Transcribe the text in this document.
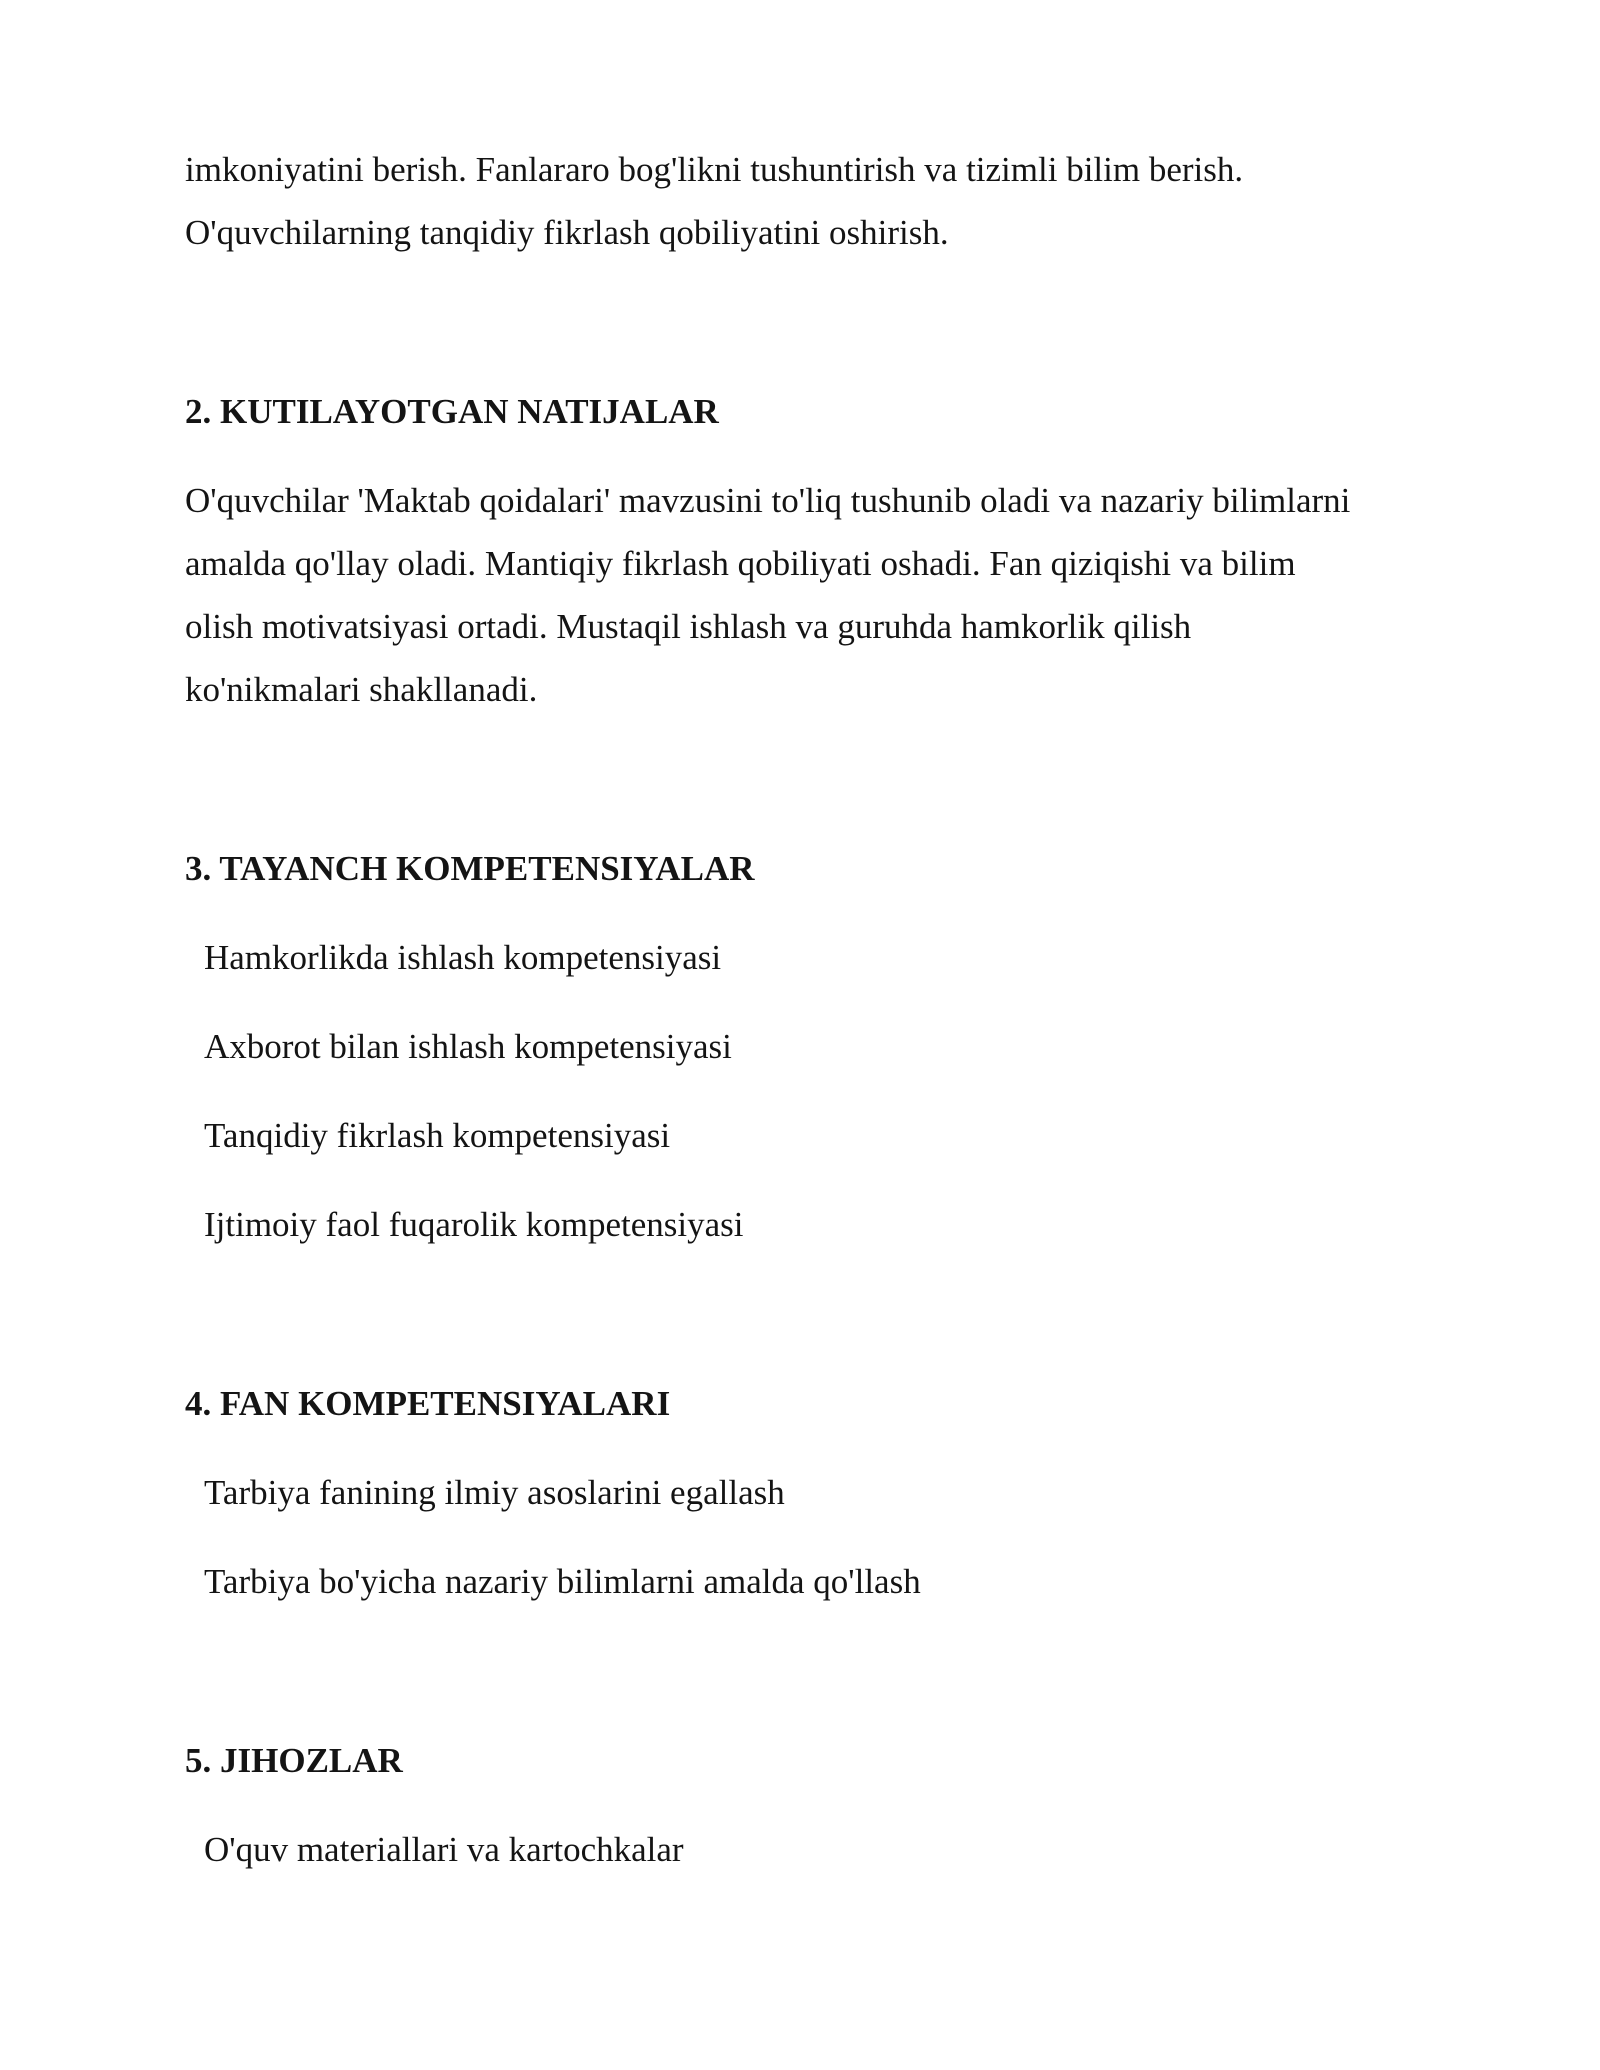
imkoniyatini berish. Fanlararo bog'likni tushuntirish va tizimli bilim berish.

O'quvchilarning tanqidiy fikrlash qobiliyatini oshirish.

2. KUTILAYOTGAN NATIJALAR

O'quvchilar 'Maktab qoidalari' mavzusini to'liq tushunib oladi va nazariy bilimlarni

amalda qo'llay oladi. Mantiqiy fikrlash qobiliyati oshadi. Fan qiziqishi va bilim

olish motivatsiyasi ortadi. Mustaqil ishlash va guruhda hamkorlik qilish

ko'nikmalari shakllanadi.

3. TAYANCH KOMPETENSIYALAR

Hamkorlikda ishlash kompetensiyasi

Axborot bilan ishlash kompetensiyasi

Tanqidiy fikrlash kompetensiyasi

Ijtimoiy faol fuqarolik kompetensiyasi

4. FAN KOMPETENSIYALARI

Tarbiya fanining ilmiy asoslarini egallash

Tarbiya bo'yicha nazariy bilimlarni amalda qo'llash

5. JIHOZLAR

O'quv materiallari va kartochkalar
